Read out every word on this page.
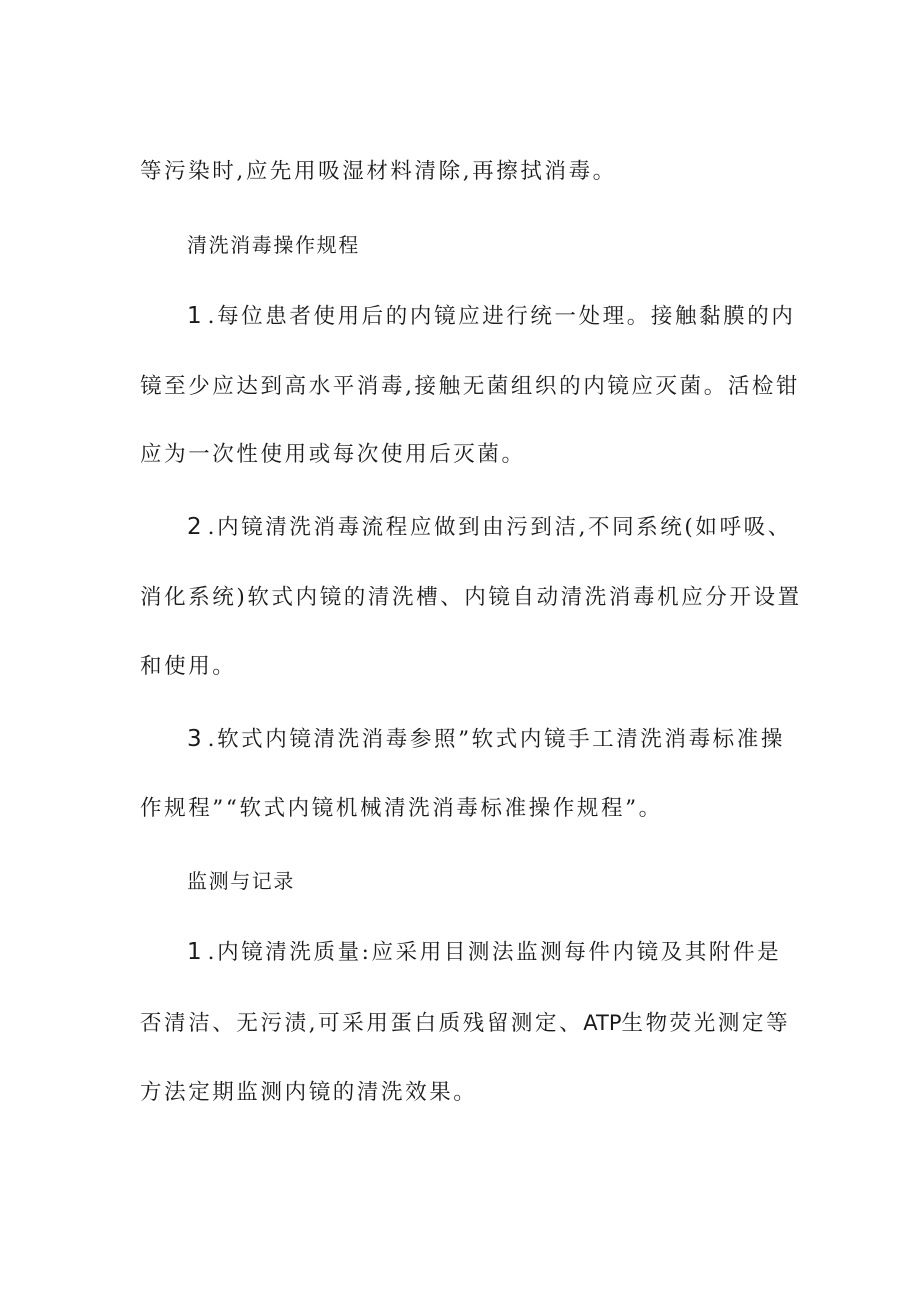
等污染时,应先用吸湿材料清除,再擦拭消毒。
清洗消毒操作规程
1 .每位患者使用后的内镜应进行统一处理。接触黏膜的内
镜至少应达到高水平消毒,接触无菌组织的内镜应灭菌。活检钳
应为一次性使用或每次使用后灭菌。
2 .内镜清洗消毒流程应做到由污到洁,不同系统(如呼吸、
消化系统)软式内镜的清洗槽、内镜自动清洗消毒机应分开设置
和使用。
3 .软式内镜清洗消毒参照”软式内镜手工清洗消毒标准操
作规程”“软式内镜机械清洗消毒标准操作规程”。
监测与记录
1 .内镜清洗质量:应采用目测法监测每件内镜及其附件是
否清洁、无污渍,可采用蛋白质残留测定、ATP生物荧光测定等
方法定期监测内镜的清洗效果。
